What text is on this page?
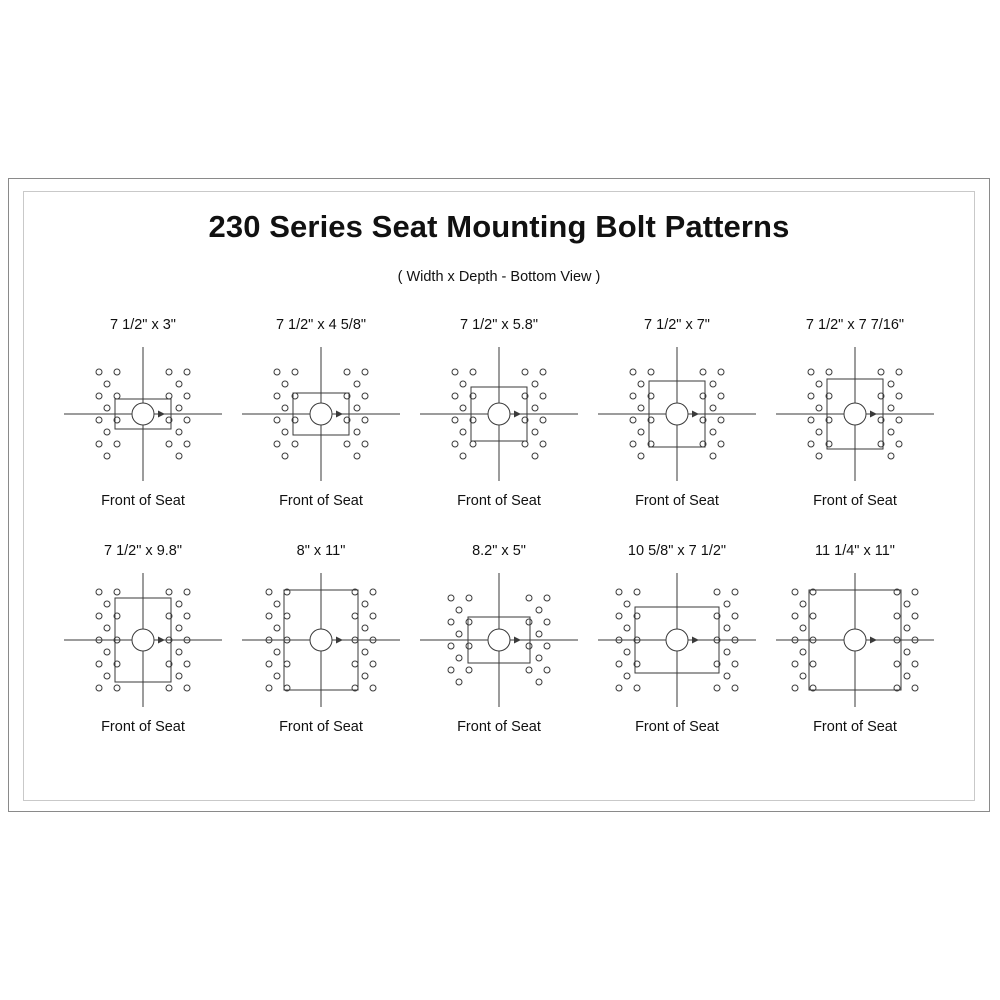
230 Series Seat Mounting Bolt Patterns
( Width x Depth - Bottom View )
7 1/2" x 3"
Front of Seat
7 1/2" x 4 5/8"
Front of Seat
7 1/2" x 5.8"
Front of Seat
7 1/2" x 7"
Front of Seat
7 1/2" x 7 7/16"
Front of Seat
7 1/2" x 9.8"
Front of Seat
8" x 11"
Front of Seat
8.2" x 5"
Front of Seat
10 5/8" x 7 1/2"
Front of Seat
11 1/4" x 11"
Front of Seat
